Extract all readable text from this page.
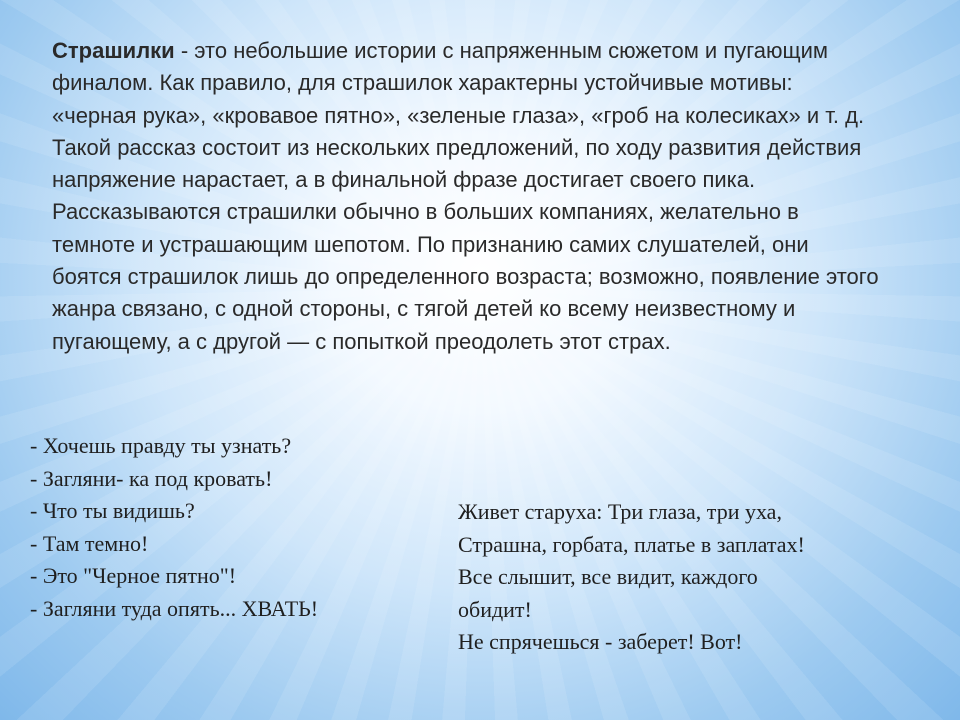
Страшилки - это небольшие истории с напряженным сюжетом и пугающим финалом. Как правило, для страшилок характерны устойчивые мотивы: «черная рука», «кровавое пятно», «зеленые глаза», «гроб на колесиках» и т. д. Такой рассказ состоит из нескольких предложений, по ходу развития действия напряжение нарастает, а в финальной фразе достигает своего пика. Рассказываются страшилки обычно в больших компаниях, желательно в темноте и устрашающим шепотом. По признанию самих слушателей, они боятся страшилок лишь до определенного возраста; возможно, появление этого жанра связано, с одной стороны, с тягой детей ко всему неизвестному и пугающему, а с другой — с попыткой преодолеть этот страх.

- Хочешь правду ты узнать?
- Загляни- ка под кровать!
- Что ты видишь?
- Там темно!
- Это "Черное пятно"!
- Загляни туда опять... ХВАТЬ!
Живет старуха: Три глаза, три уха,
Страшна, горбата, платье в заплатах!
Все слышит, все видит, каждого
обидит!
Не спрячешься - заберет! Вот!
